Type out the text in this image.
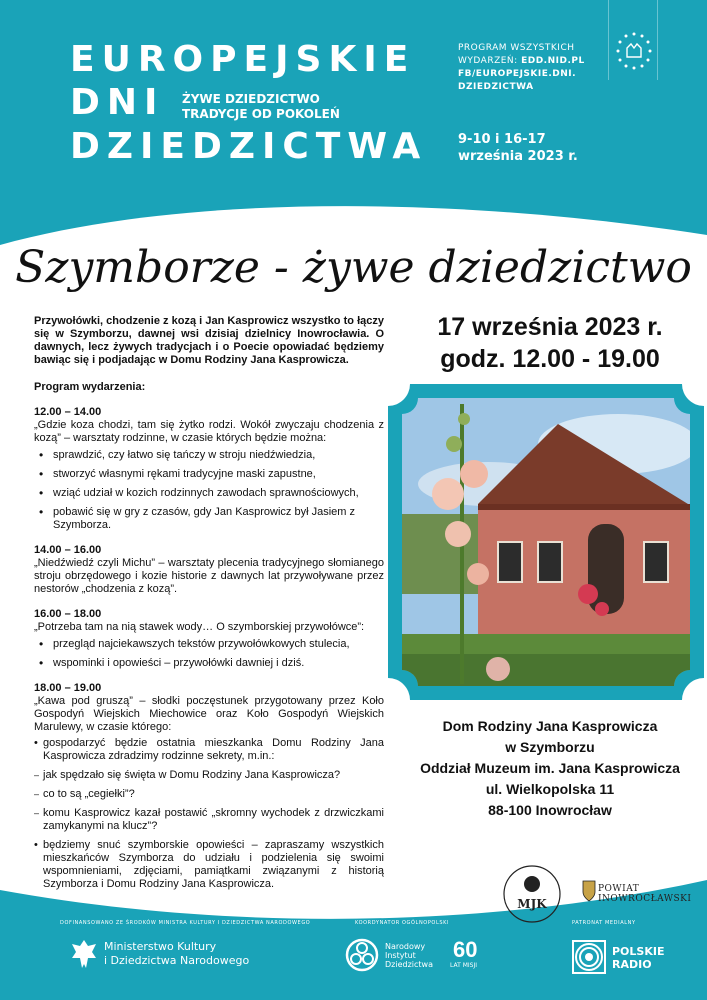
EUROPEJSKIE
DNI
DZIEDZICTWA
ŻYWE DZIEDZICTWO
TRADYCJE OD POKOLEŃ
PROGRAM WSZYSTKICH
WYDARZEŃ: EDD.NID.PL
FB/EUROPEJSKIE.DNI.
DZIEDZICTWA
9-10 i 16-17
września 2023 r.
Szymborze - żywe dziedzictwo

Przywołówki, chodzenie z kozą i Jan Kasprowicz wszystko to łączy się w Szymborzu, dawnej wsi dzisiaj dzielnicy Inowrocławia. O dawnych, lecz żywych tradycjach i o Poecie opowiadać będziemy bawiąc się i podjadając w Domu Rodziny Jana Kasprowicza.

Program wydarzenia:

12.00 – 14.00

„Gdzie koza chodzi, tam się żytko rodzi. Wokół zwyczaju chodzenia z kozą” – warsztaty rodzinne, w czasie których będzie można:

• sprawdzić, czy łatwo się tańczy w stroju niedźwiedzia,
• stworzyć własnymi rękami tradycyjne maski zapustne,
• wziąć udział w kozich rodzinnych zawodach sprawnościowych,
• pobawić się w gry z czasów, gdy Jan Kasprowicz był Jasiem z Szymborza.

14.00 – 16.00

„Niedźwiedź czyli Michu” – warsztaty plecenia tradycyjnego słomianego stroju obrzędowego i kozie historie z dawnych lat przywoływane przez nestorów „chodzenia z kozą”.

16.00 – 18.00

„Potrzeba tam na nią stawek wody… O szymborskiej przywołówce”:

• przegląd najciekawszych tekstów przywołówkowych stulecia,
• wspominki i opowieści – przywołówki dawniej i dziś.

18.00 – 19.00

„Kawa pod gruszą” – słodki poczęstunek przygotowany przez Koło Gospodyń Wiejskich Miechowice oraz Koło Gospodyń Wiejskich Marulewy, w czasie którego:

• gospodarzyć będzie ostatnia mieszkanka Domu Rodziny Jana Kasprowicza zdradzimy rodzinne sekrety, m.in.:
– jak spędzało się święta w Domu Rodziny Jana Kasprowicza?
– co to są „cegiełki”?
– komu Kasprowicz kazał postawić „skromny wychodek z drzwiczkami zamykanymi na klucz”?
• będziemy snuć szymborskie opowieści – zapraszamy wszystkich mieszkańców Szymborza do udziału i podzielenia się swoimi wspomnieniami, zdjęciami, pamiątkami związanymi z historią Szymborza i Domu Rodziny Jana Kasprowicza.
17 września 2023 r.
godz. 12.00 - 19.00
Dom Rodziny Jana Kasprowicza
w Szymborzu
Oddział Muzeum im. Jana Kasprowicza
ul. Wielkopolska 11
88-100 Inowrocław
MJK
POWIAT
INOWROCŁAWSKI
DOFINANSOWANO ZE ŚRODKÓW MINISTRA KULTURY I DZIEDZICTWA NARODOWEGO	KOORDYNATOR OGÓLNOPOLSKI	PATRONAT MEDIALNY
Ministerstwo Kultury
i Dziedzictwa Narodowego
Narodowy
Instytut
Dziedzictwa
60
LAT MISJI
POLSKIE
RADIO
